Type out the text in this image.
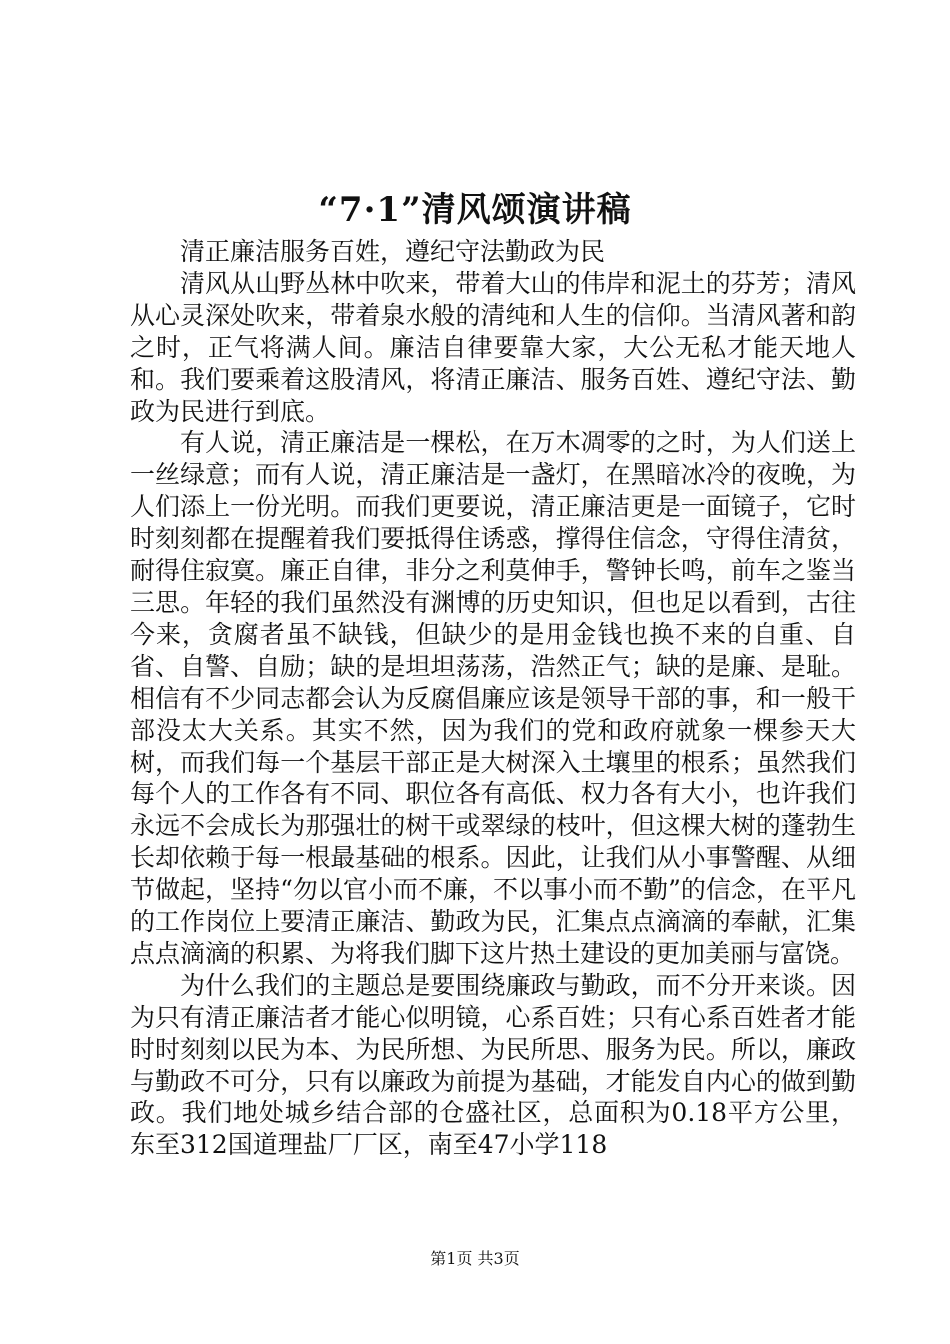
“7·1”清风颂演讲稿

清正廉洁服务百姓，遵纪守法勤政为民

清风从山野丛林中吹来，带着大山的伟岸和泥土的芬芳；清风从心灵深处吹来，带着泉水般的清纯和人生的信仰。当清风著和韵之时，正气将满人间。廉洁自律要靠大家，大公无私才能天地人和。我们要乘着这股清风，将清正廉洁、服务百姓、遵纪守法、勤政为民进行到底。

有人说，清正廉洁是一棵松，在万木凋零的之时，为人们送上一丝绿意；而有人说，清正廉洁是一盏灯，在黑暗冰冷的夜晚，为人们添上一份光明。而我们更要说，清正廉洁更是一面镜子，它时时刻刻都在提醒着我们要抵得住诱惑，撑得住信念，守得住清贫，耐得住寂寞。廉正自律，非分之利莫伸手，警钟长鸣，前车之鉴当三思。年轻的我们虽然没有渊博的历史知识，但也足以看到，古往今来，贪腐者虽不缺钱，但缺少的是用金钱也换不来的自重、自省、自警、自励；缺的是坦坦荡荡，浩然正气；缺的是廉、是耻。相信有不少同志都会认为反腐倡廉应该是领导干部的事，和一般干部没太大关系。其实不然，因为我们的党和政府就象一棵参天大树，而我们每一个基层干部正是大树深入土壤里的根系；虽然我们每个人的工作各有不同、职位各有高低、权力各有大小，也许我们永远不会成长为那强壮的树干或翠绿的枝叶，但这棵大树的蓬勃生长却依赖于每一根最基础的根系。因此，让我们从小事警醒、从细节做起，坚持“勿以官小而不廉，不以事小而不勤”的信念，在平凡的工作岗位上要清正廉洁、勤政为民，汇集点点滴滴的奉献，汇集点点滴滴的积累、为将我们脚下这片热土建设的更加美丽与富饶。

为什么我们的主题总是要围绕廉政与勤政，而不分开来谈。因为只有清正廉洁者才能心似明镜，心系百姓；只有心系百姓者才能时时刻刻以民为本、为民所想、为民所思、服务为民。所以，廉政与勤政不可分，只有以廉政为前提为基础，才能发自内心的做到勤政。我们地处城乡结合部的仓盛社区，总面积为0.18平方公里，东至312国道理盐厂厂区，南至47小学118

第1页 共3页
